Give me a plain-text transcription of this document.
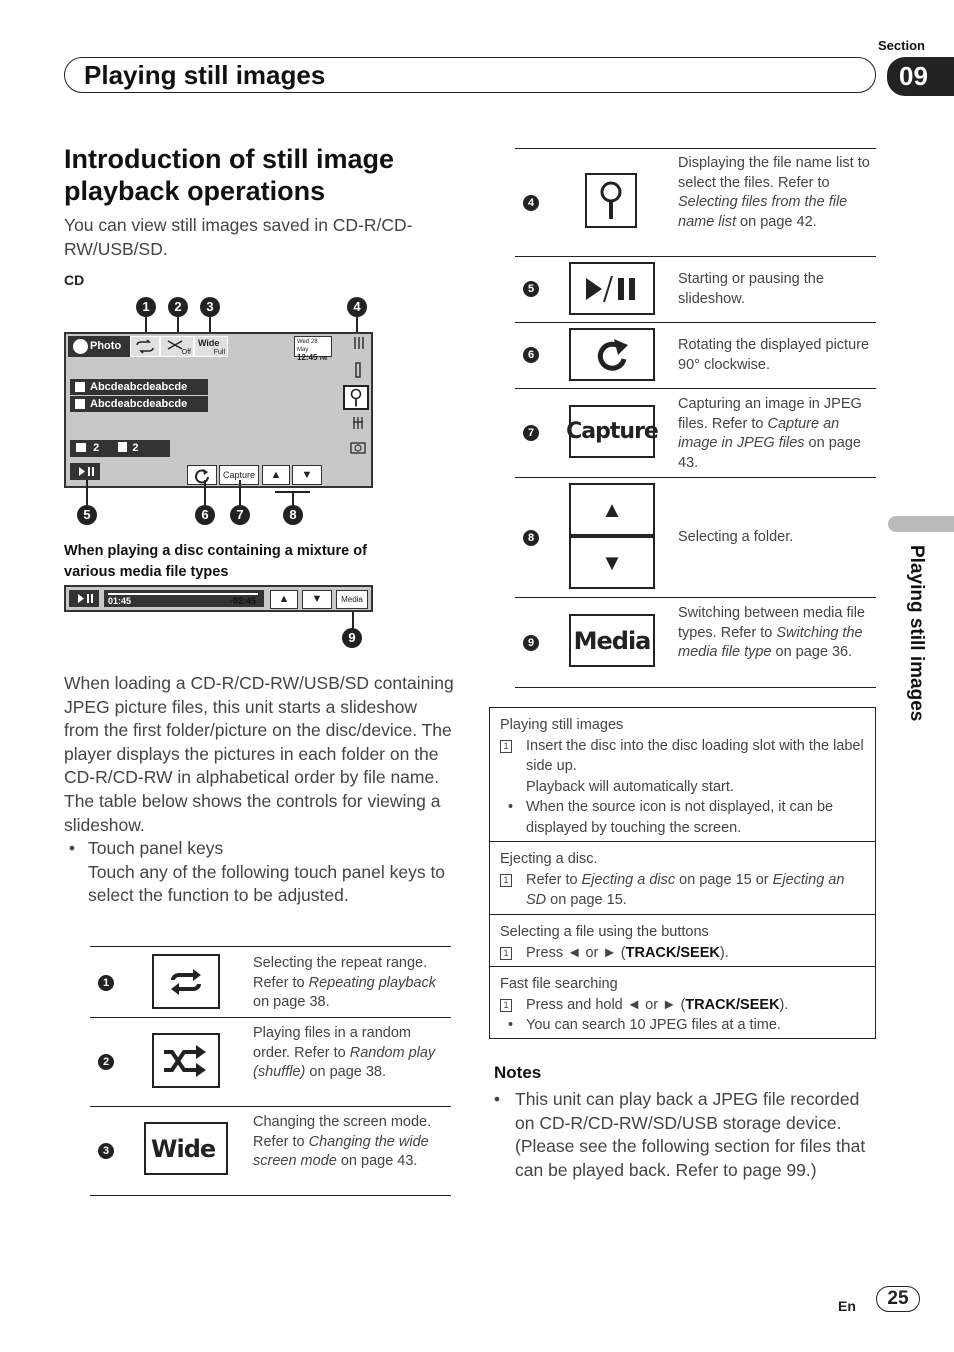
Section
Playing still images	09
Playing still images
Introduction of still image playback operations
You can view still images saved in CD-R/CD-RW/USB/SD.
CD
1	2	3	4
Photo
Off
Wide
Full
Wed 28 May
12:45 PM
Abcdeabcdeabcde
Abcdeabcdeabcde
2	2
Capture	▲	▼
5	6	7	8
When playing a disc containing a mixture of various media file types
01:45	-02:45	▲	▼	Media
9
When loading a CD-R/CD-RW/USB/SD containing JPEG picture files, this unit starts a slideshow from the first folder/picture on the disc/device. The player displays the pictures in each folder on the CD-R/CD-RW in alphabetical order by file name.
The table below shows the controls for viewing a slideshow.
• Touch panel keys
Touch any of the following touch panel keys to select the function to be adjusted.
1
Selecting the repeat range. Refer to Repeating playback on page 38.
2
Playing files in a random order. Refer to Random play (shuffle) on page 38.
3 Wide
Changing the screen mode. Refer to Changing the wide screen mode on page 43.
4
Displaying the file name list to select the files. Refer to Selecting files from the file name list on page 42.
5
Starting or pausing the slideshow.
6
Rotating the displayed picture 90° clockwise.
7 Capture
Capturing an image in JPEG files. Refer to Capture an image in JPEG files on page 43.
8
▲
▼
Selecting a folder.
9 Media
Switching between media file types. Refer to Switching the media file type on page 36.
Playing still images
1 Insert the disc into the disc loading slot with the label side up.
Playback will automatically start.
• When the source icon is not displayed, it can be displayed by touching the screen.
Ejecting a disc.
1 Refer to Ejecting a disc on page 15 or Ejecting an SD on page 15.
Selecting a file using the buttons
1 Press ◄ or ► (TRACK/SEEK).
Fast file searching
1 Press and hold ◄ or ► (TRACK/SEEK).
• You can search 10 JPEG files at a time.
Notes
• This unit can play back a JPEG file recorded on CD-R/CD-RW/SD/USB storage device. (Please see the following section for files that can be played back. Refer to page 99.)
En	25
